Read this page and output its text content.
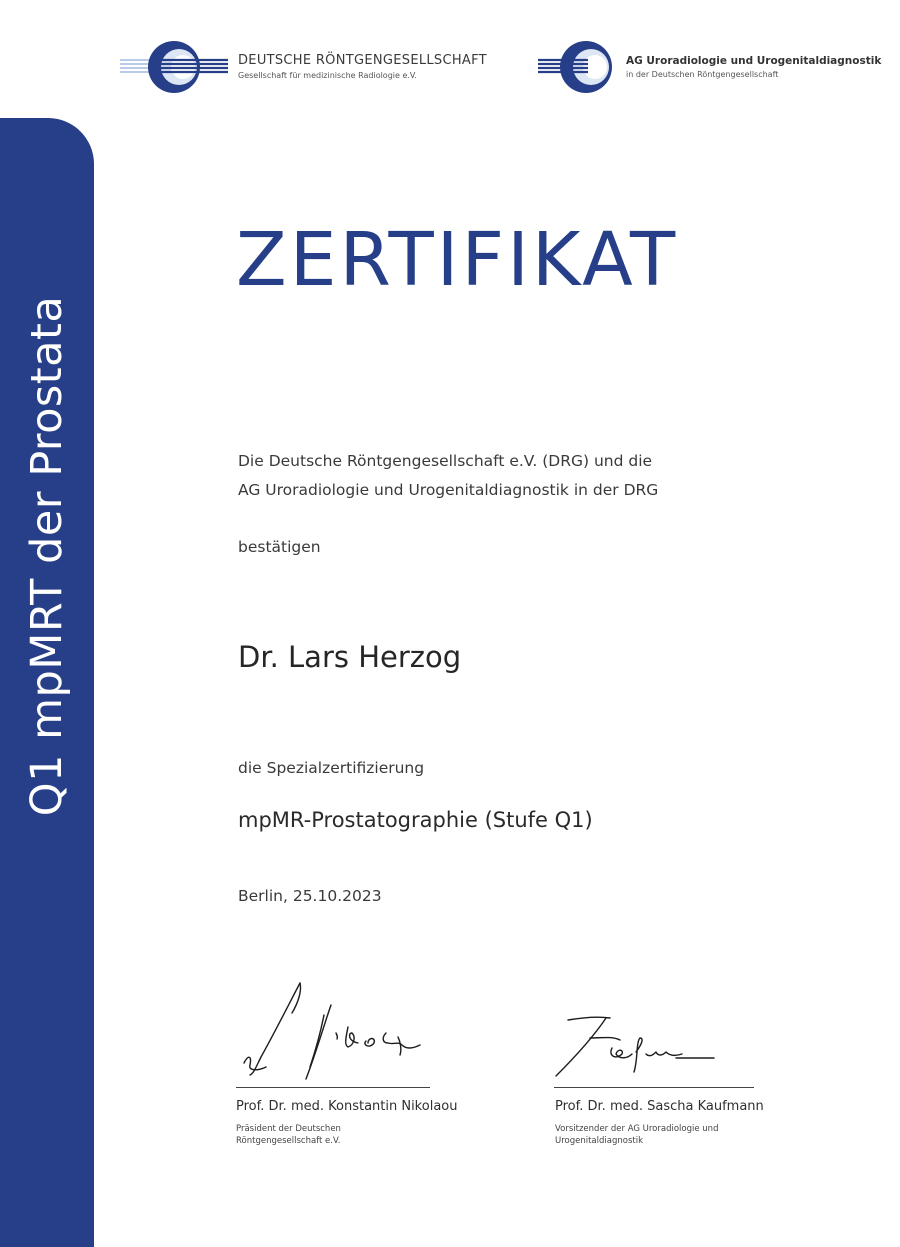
DEUTSCHE RÖNTGENGESELLSCHAFT
Gesellschaft für medizinische Radiologie e.V.
AG Uroradiologie und Urogenitaldiagnostik
in der Deutschen Röntgengesellschaft
Q1 mpMRT der Prostata
ZERTIFIKAT

Die Deutsche Röntgengesellschaft e.V. (DRG) und die
AG Uroradiologie und Urogenitaldiagnostik in der DRG

bestätigen

Dr. Lars Herzog

die Spezialzertifizierung

mpMR-Prostatographie (Stufe Q1)

Berlin, 25.10.2023

Prof. Dr. med. Konstantin Nikolaou
Präsident der Deutschen
Röntgengesellschaft e.V.
Prof. Dr. med. Sascha Kaufmann
Vorsitzender der AG Uroradiologie und
Urogenitaldiagnostik
